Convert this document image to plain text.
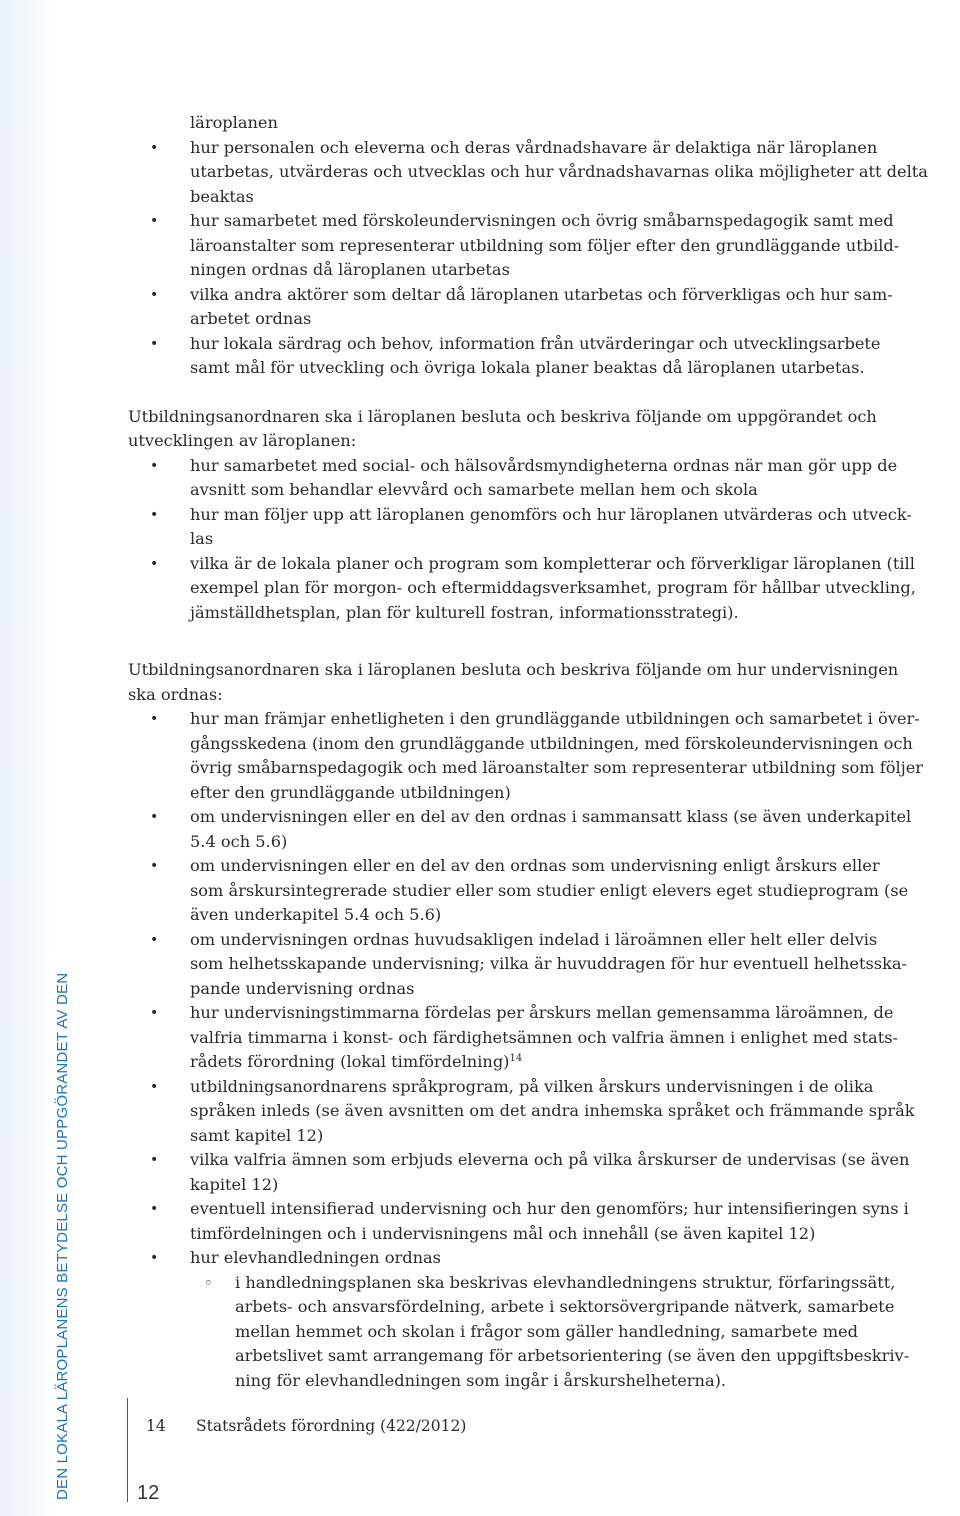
DEN LOKALA LÄROPLANENS BETYDELSE OCH UPPGÖRANDET AV DEN
läroplanen
• hur personalen och eleverna och deras vårdnadshavare är delaktiga när läroplanen
utarbetas, utvärderas och utvecklas och hur vårdnadshavarnas olika möjligheter att delta
beaktas
• hur samarbetet med förskoleundervisningen och övrig småbarnspedagogik samt med
läroanstalter som representerar utbildning som följer efter den grundläggande utbild-
ningen ordnas då läroplanen utarbetas
• vilka andra aktörer som deltar då läroplanen utarbetas och förverkligas och hur sam-
arbetet ordnas
• hur lokala särdrag och behov, information från utvärderingar och utvecklingsarbete
samt mål för utveckling och övriga lokala planer beaktas då läroplanen utarbetas.

Utbildningsanordnaren ska i läroplanen besluta och beskriva följande om uppgörandet och
utvecklingen av läroplanen:

• hur samarbetet med social- och hälsovårdsmyndigheterna ordnas när man gör upp de
avsnitt som behandlar elevvård och samarbete mellan hem och skola
• hur man följer upp att läroplanen genomförs och hur läroplanen utvärderas och utveck-
las
• vilka är de lokala planer och program som kompletterar och förverkligar läroplanen (till
exempel plan för morgon- och eftermiddagsverksamhet, program för hållbar utveckling,
jämställdhetsplan, plan för kulturell fostran, informationsstrategi).

Utbildningsanordnaren ska i läroplanen besluta och beskriva följande om hur undervisningen
ska ordnas:

• hur man främjar enhetligheten i den grundläggande utbildningen och samarbetet i över-
gångsskedena (inom den grundläggande utbildningen, med förskoleundervisningen och
övrig småbarnspedagogik och med läroanstalter som representerar utbildning som följer
efter den grundläggande utbildningen)
• om undervisningen eller en del av den ordnas i sammansatt klass (se även underkapitel
5.4 och 5.6)
• om undervisningen eller en del av den ordnas som undervisning enligt årskurs eller
som årskursintegrerade studier eller som studier enligt elevers eget studieprogram (se
även underkapitel 5.4 och 5.6)
• om undervisningen ordnas huvudsakligen indelad i läroämnen eller helt eller delvis
som helhetsskapande undervisning; vilka är huvuddragen för hur eventuell helhetsska-
pande undervisning ordnas
• hur undervisningstimmarna fördelas per årskurs mellan gemensamma läroämnen, de
valfria timmarna i konst- och färdighetsämnen och valfria ämnen i enlighet med stats-
rådets förordning (lokal timfördelning)$^{14}$
• utbildningsanordnarens språkprogram, på vilken årskurs undervisningen i de olika
språken inleds (se även avsnitten om det andra inhemska språket och främmande språk
samt kapitel 12)
• vilka valfria ämnen som erbjuds eleverna och på vilka årskurser de undervisas (se även
kapitel 12)
• eventuell intensifierad undervisning och hur den genomförs; hur intensifieringen syns i
timfördelningen och i undervisningens mål och innehåll (se även kapitel 12)
• hur elevhandledningen ordnas
◦ i handledningsplanen ska beskrivas elevhandledningens struktur, förfaringssätt,
arbets- och ansvarsfördelning, arbete i sektorsövergripande nätverk, samarbete
mellan hemmet och skolan i frågor som gäller handledning, samarbete med
arbetslivet samt arrangemang för arbetsorientering (se även den uppgiftsbeskriv-
ning för elevhandledningen som ingår i årskurshelheterna).
14 Statsrådets förordning (422/2012)
12
